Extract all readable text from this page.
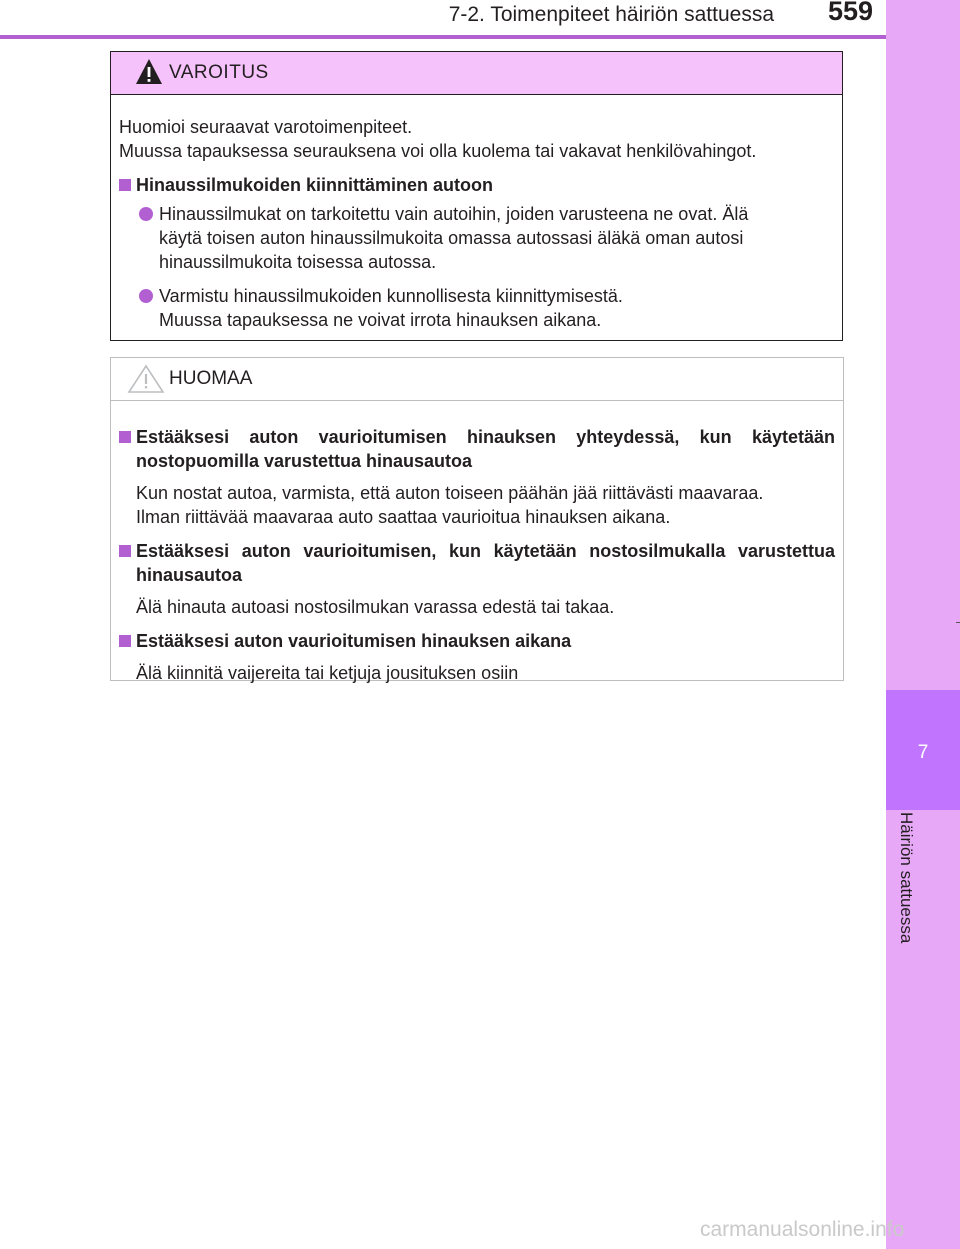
7-2. Toimenpiteet häiriön sattuessa 559
7
Häiriön sattuessa
VAROITUS
Huomioi seuraavat varotoimenpiteet.
Muussa tapauksessa seurauksena voi olla kuolema tai vakavat henkilövahingot.
Hinaussilmukoiden kiinnittäminen autoon
Hinaussilmukat on tarkoitettu vain autoihin, joiden varusteena ne ovat. Älä
käytä toisen auton hinaussilmukoita omassa autossasi äläkä oman autosi
hinaussilmukoita toisessa autossa.
Varmistu hinaussilmukoiden kunnollisesta kiinnittymisestä.
Muussa tapauksessa ne voivat irrota hinauksen aikana.
HUOMAA
Estääksesi auton vaurioitumisen hinauksen yhteydessä, kun käytetään nostopuomilla varustettua hinausautoa
Kun nostat autoa, varmista, että auton toiseen päähän jää riittävästi maavaraa.
Ilman riittävää maavaraa auto saattaa vaurioitua hinauksen aikana.
Estääksesi auton vaurioitumisen, kun käytetään nostosilmukalla varustettua hinausautoa
Älä hinauta autoasi nostosilmukan varassa edestä tai takaa.
Estääksesi auton vaurioitumisen hinauksen aikana
Älä kiinnitä vaijereita tai ketjuja jousituksen osiin
carmanualsonline.info
